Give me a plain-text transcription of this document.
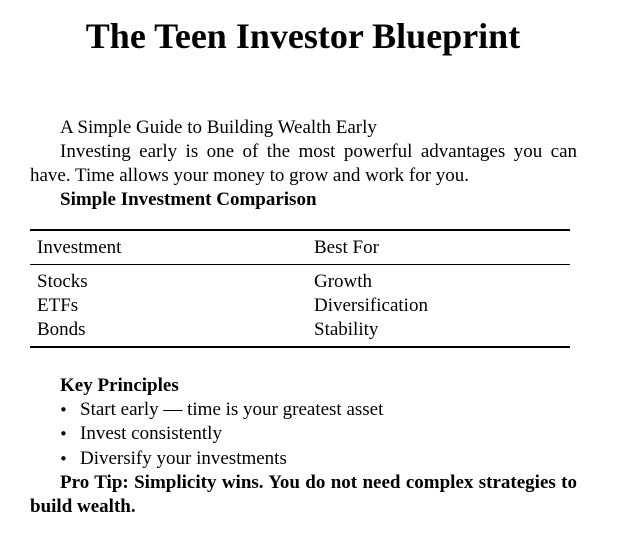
The Teen Investor Blueprint

A Simple Guide to Building Wealth Early

Investing early is one of the most powerful advantages you can have. Time allows your money to grow and work for you.

Simple Investment Comparison

Investment	Best For
Stocks	Growth
ETFs	Diversification
Bonds	Stability

Key Principles

• Start early — time is your greatest asset
• Invest consistently
• Diversify your investments

Pro Tip: Simplicity wins. You do not need complex strategies to build wealth.
